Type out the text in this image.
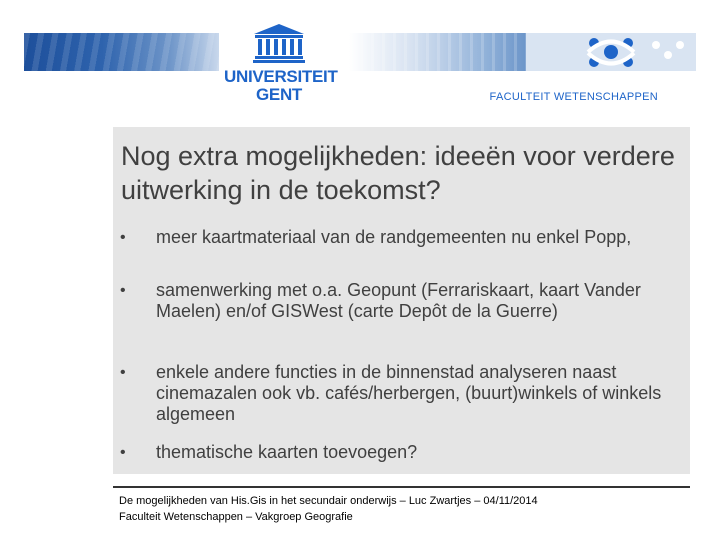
UNIVERSITEIT
GENT	FACULTEIT WETENSCHAPPEN
Nog extra mogelijkheden: ideeën voor verdere uitwerking in de toekomst?
• meer kaartmateriaal van de randgemeenten nu enkel Popp,
• samenwerking met o.a. Geopunt (Ferrariskaart, kaart Vander Maelen) en/of GISWest (carte Depôt de la Guerre)
• enkele andere functies in de binnenstad analyseren naast cinemazalen ook vb. cafés/herbergen, (buurt)winkels of winkels algemeen
• thematische kaarten toevoegen?
De mogelijkheden van His.Gis in het secundair onderwijs – Luc Zwartjes – 04/11/2014
Faculteit Wetenschappen – Vakgroep Geografie
